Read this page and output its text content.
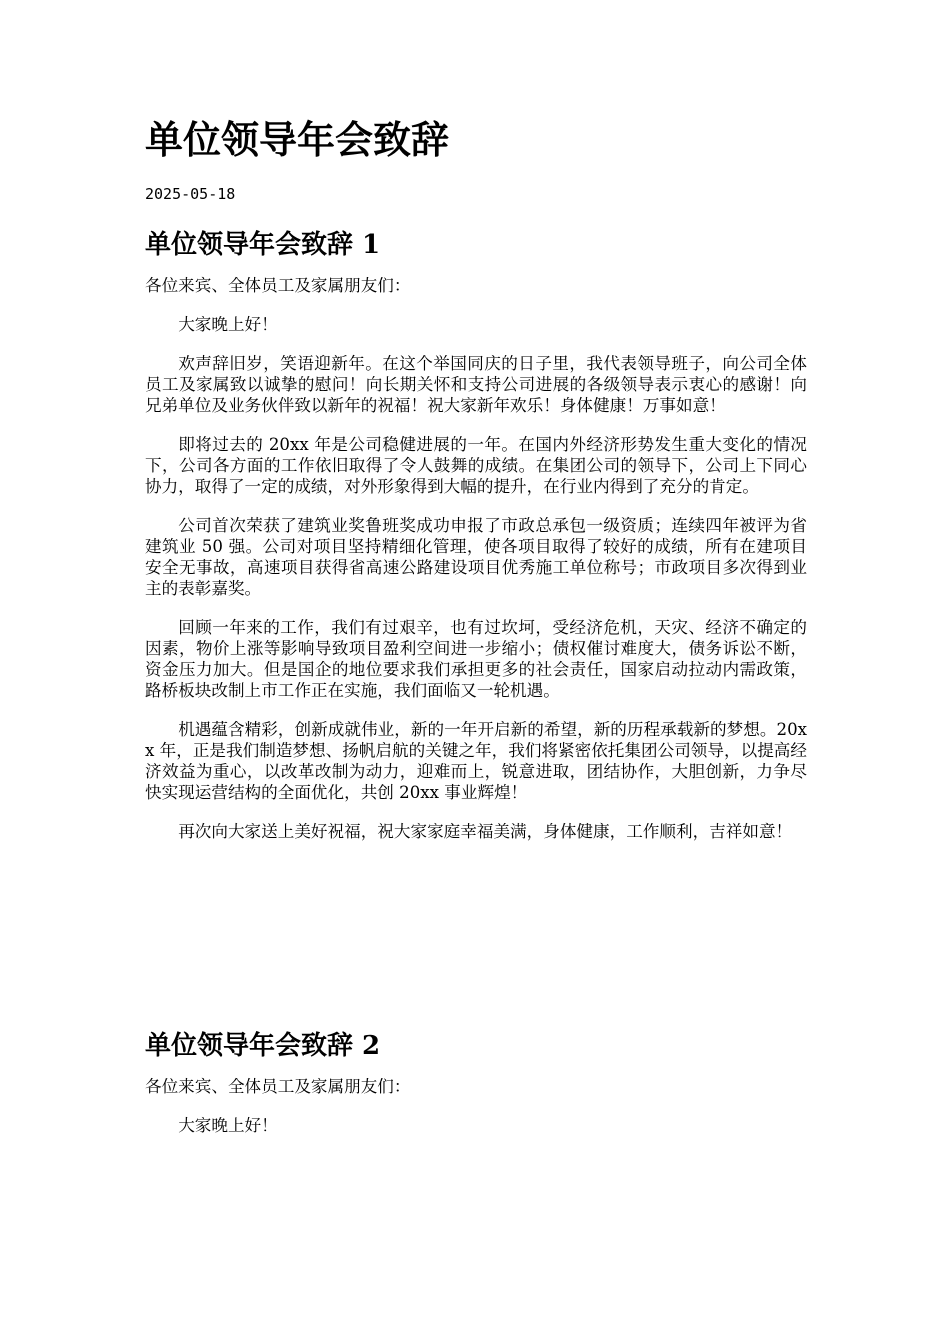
单位领导年会致辞
2025-05-18
单位领导年会致辞 1

各位来宾、全体员工及家属朋友们：

大家晚上好！

欢声辞旧岁，笑语迎新年。在这个举国同庆的日子里，我代表领导班子，向公司全体员工及家属致以诚挚的慰问！向长期关怀和支持公司进展的各级领导表示衷心的感谢！向兄弟单位及业务伙伴致以新年的祝福！祝大家新年欢乐！身体健康！万事如意！

即将过去的 20xx 年是公司稳健进展的一年。在国内外经济形势发生重大变化的情况下，公司各方面的工作依旧取得了令人鼓舞的成绩。在集团公司的领导下，公司上下同心协力，取得了一定的成绩，对外形象得到大幅的提升，在行业内得到了充分的肯定。

公司首次荣获了建筑业奖鲁班奖成功申报了市政总承包一级资质；连续四年被评为省建筑业 50 强。公司对项目坚持精细化管理，使各项目取得了较好的成绩，所有在建项目安全无事故，高速项目获得省高速公路建设项目优秀施工单位称号；市政项目多次得到业主的表彰嘉奖。

回顾一年来的工作，我们有过艰辛，也有过坎坷，受经济危机，天灾、经济不确定的因素，物价上涨等影响导致项目盈利空间进一步缩小；债权催讨难度大，债务诉讼不断，资金压力加大。但是国企的地位要求我们承担更多的社会责任，国家启动拉动内需政策，路桥板块改制上市工作正在实施，我们面临又一轮机遇。

机遇蕴含精彩，创新成就伟业，新的一年开启新的希望，新的历程承载新的梦想。20xx 年，正是我们制造梦想、扬帆启航的关键之年，我们将紧密依托集团公司领导，以提高经济效益为重心，以改革改制为动力，迎难而上，锐意进取，团结协作，大胆创新，力争尽快实现运营结构的全面优化，共创 20xx 事业辉煌！

再次向大家送上美好祝福，祝大家家庭幸福美满，身体健康，工作顺利，吉祥如意！

单位领导年会致辞 2

各位来宾、全体员工及家属朋友们：

大家晚上好！
